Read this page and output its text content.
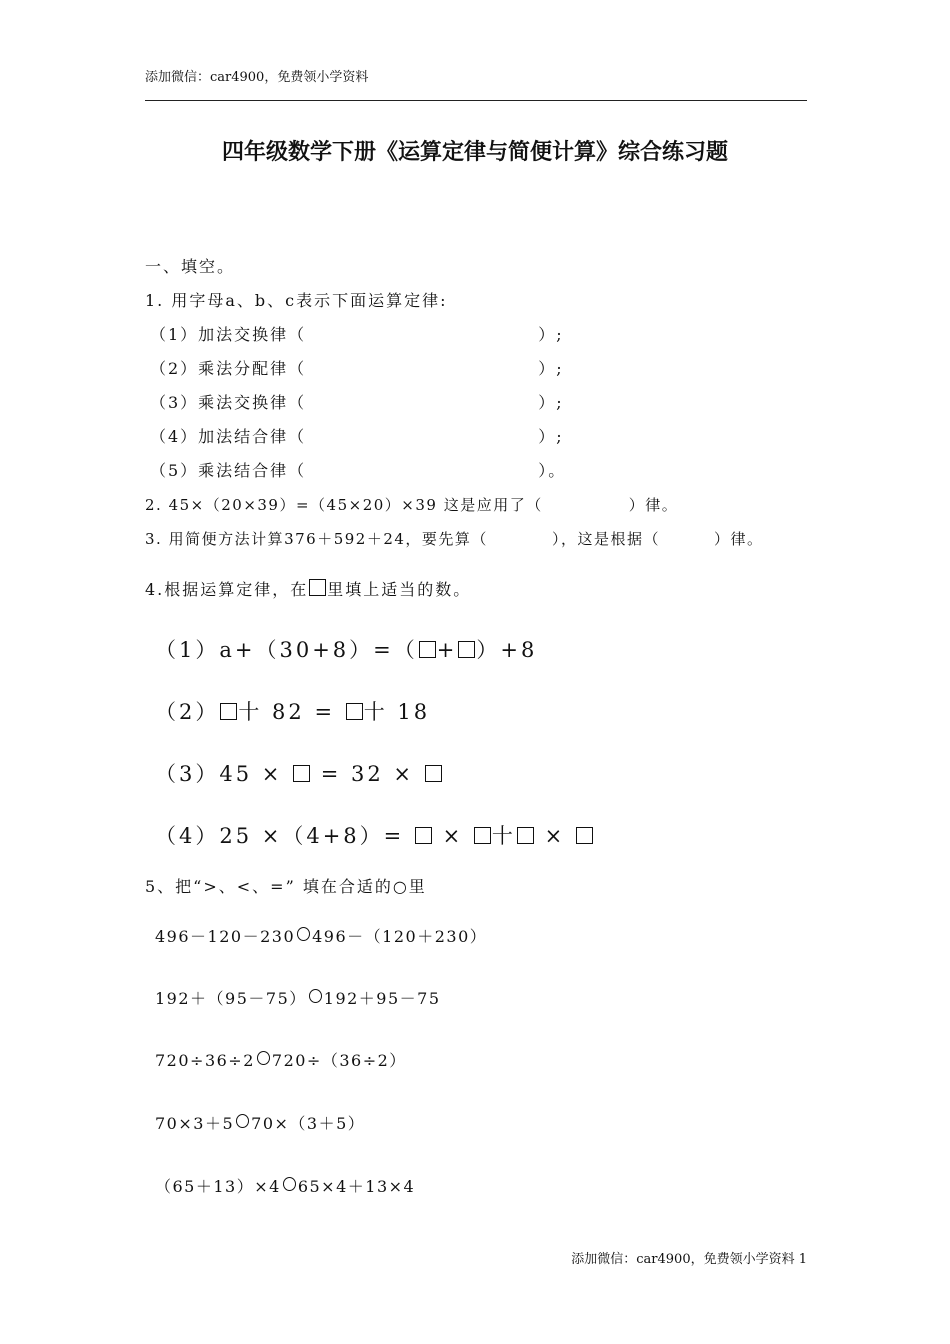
添加微信：car4900，免费领小学资料
四年级数学下册《运算定律与简便计算》综合练习题
一、填空。
1. 用字母a、b、c表示下面运算定律:
（1）加法交换律（	）;
（2）乘法分配律（	）;
（3）乘法交换律（	）;
（4）加法结合律（	）;
（5）乘法结合律（	）。
2. 45×（20×39）=（45×20）×39 这是应用了（	）律。
3. 用简便方法计算376＋592＋24，要先算（	），这是根据（	）律。
4.根据运算定律，在 里填上适当的数。
（1）a+（30+8）=（ + ）+8
（2） 十 82 = 十 18
（3）45 ×  = 32 ×
（4）25 ×（4+8）=  × 十 ×
5、把“>、<、=” 填在合适的○里
496－120－230 496－（120＋230）
192＋（95－75） 192＋95－75
720÷36÷2 720÷（36÷2）
70×3＋5 70×（3＋5）
（65＋13）×4 65×4＋13×4
添加微信：car4900，免费领小学资料 1
